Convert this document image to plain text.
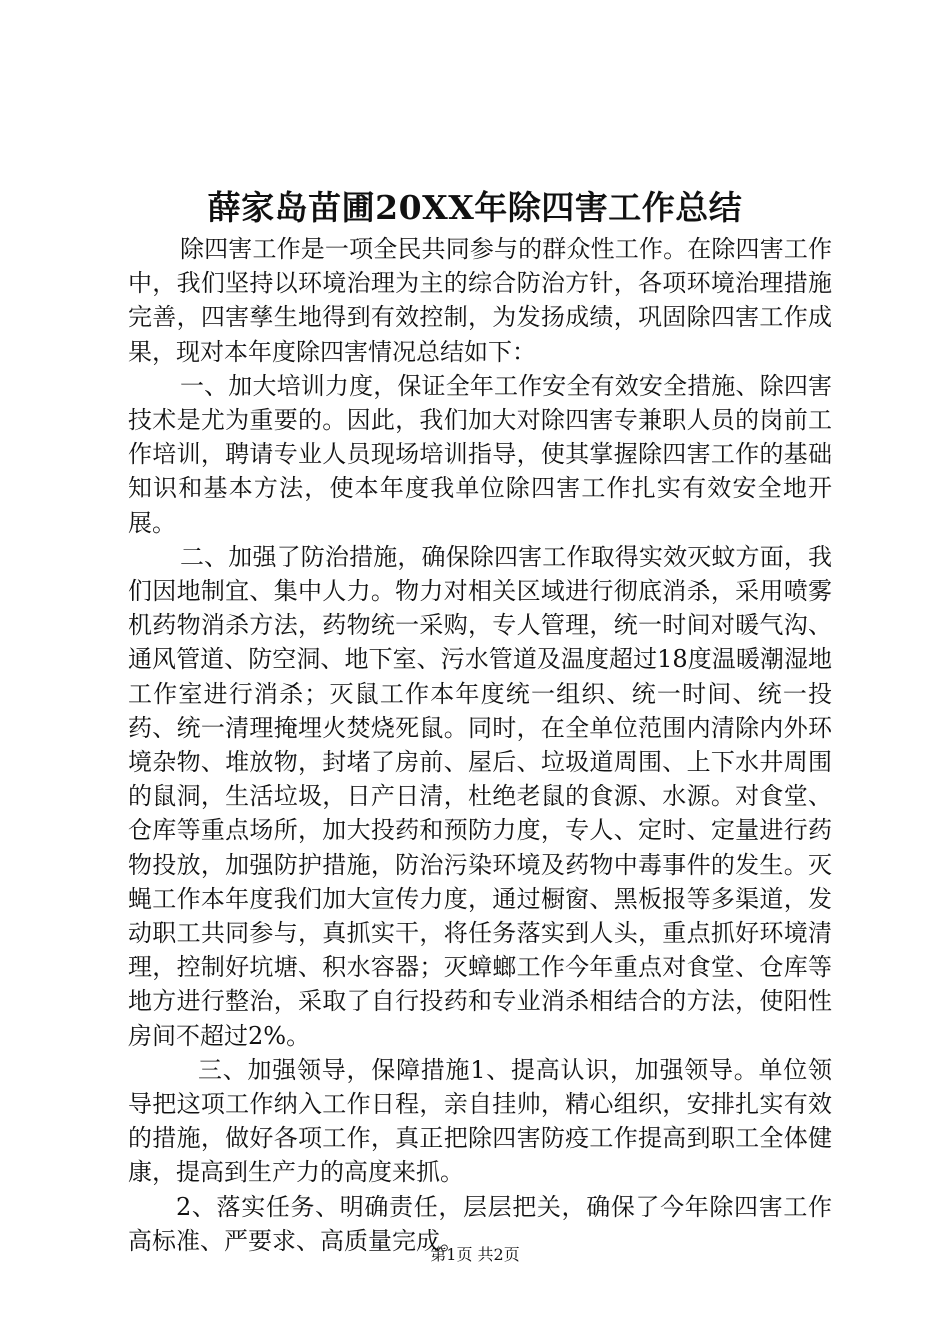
薛家岛苗圃20XX年除四害工作总结

除四害工作是一项全民共同参与的群众性工作。在除四害工作中，我们坚持以环境治理为主的综合防治方针，各项环境治理措施完善，四害孳生地得到有效控制，为发扬成绩，巩固除四害工作成果，现对本年度除四害情况总结如下：

一、加大培训力度，保证全年工作安全有效安全措施、除四害技术是尤为重要的。因此，我们加大对除四害专兼职人员的岗前工作培训，聘请专业人员现场培训指导，使其掌握除四害工作的基础知识和基本方法，使本年度我单位除四害工作扎实有效安全地开展。

二、加强了防治措施，确保除四害工作取得实效灭蚊方面，我们因地制宜、集中人力。物力对相关区域进行彻底消杀，采用喷雾机药物消杀方法，药物统一采购，专人管理，统一时间对暖气沟、通风管道、防空洞、地下室、污水管道及温度超过18度温暖潮湿地工作室进行消杀；灭鼠工作本年度统一组织、统一时间、统一投药、统一清理掩埋火焚烧死鼠。同时，在全单位范围内清除内外环境杂物、堆放物，封堵了房前、屋后、垃圾道周围、上下水井周围的鼠洞，生活垃圾，日产日清，杜绝老鼠的食源、水源。对食堂、仓库等重点场所，加大投药和预防力度，专人、定时、定量进行药物投放，加强防护措施，防治污染环境及药物中毒事件的发生。灭蝇工作本年度我们加大宣传力度，通过橱窗、黑板报等多渠道，发动职工共同参与，真抓实干，将任务落实到人头，重点抓好环境清理，控制好坑塘、积水容器；灭蟑螂工作今年重点对食堂、仓库等地方进行整治，采取了自行投药和专业消杀相结合的方法，使阳性房间不超过2%。

三、加强领导，保障措施1、提高认识，加强领导。单位领导把这项工作纳入工作日程，亲自挂帅，精心组织，安排扎实有效的措施，做好各项工作，真正把除四害防疫工作提高到职工全体健康，提高到生产力的高度来抓。

2、落实任务、明确责任，层层把关，确保了今年除四害工作高标准、严要求、高质量完成。

第1页 共2页
